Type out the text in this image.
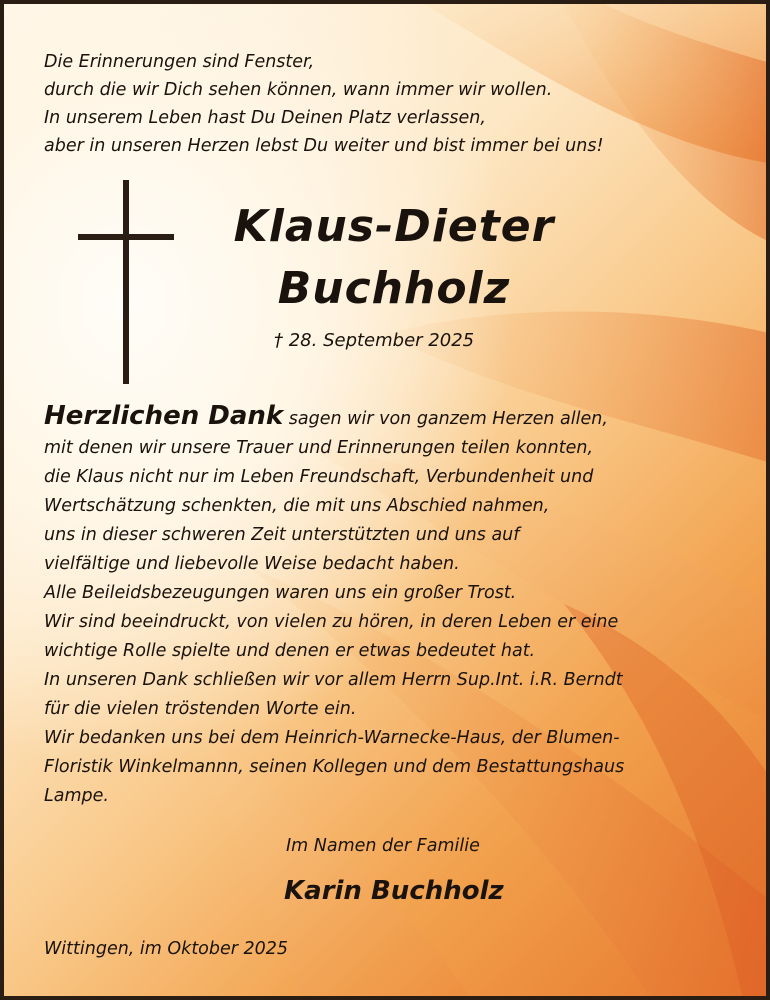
Die Erinnerungen sind Fenster,
durch die wir Dich sehen können, wann immer wir wollen.
In unserem Leben hast Du Deinen Platz verlassen,
aber in unseren Herzen lebst Du weiter und bist immer bei uns!
Klaus-Dieter
Buchholz
† 28. September 2025
Herzlichen Dank sagen wir von ganzem Herzen allen,
mit denen wir unsere Trauer und Erinnerungen teilen konnten,
die Klaus nicht nur im Leben Freundschaft, Verbundenheit und
Wertschätzung schenkten, die mit uns Abschied nahmen,
uns in dieser schweren Zeit unterstützten und uns auf
vielfältige und liebevolle Weise bedacht haben.
Alle Beileidsbezeugungen waren uns ein großer Trost.
Wir sind beeindruckt, von vielen zu hören, in deren Leben er eine
wichtige Rolle spielte und denen er etwas bedeutet hat.
In unseren Dank schließen wir vor allem Herrn Sup.Int. i.R. Berndt
für die vielen tröstenden Worte ein.
Wir bedanken uns bei dem Heinrich-Warnecke-Haus, der Blumen-
Floristik Winkelmannn, seinen Kollegen und dem Bestattungshaus
Lampe.
Im Namen der Familie
Karin Buchholz
Wittingen, im Oktober 2025
